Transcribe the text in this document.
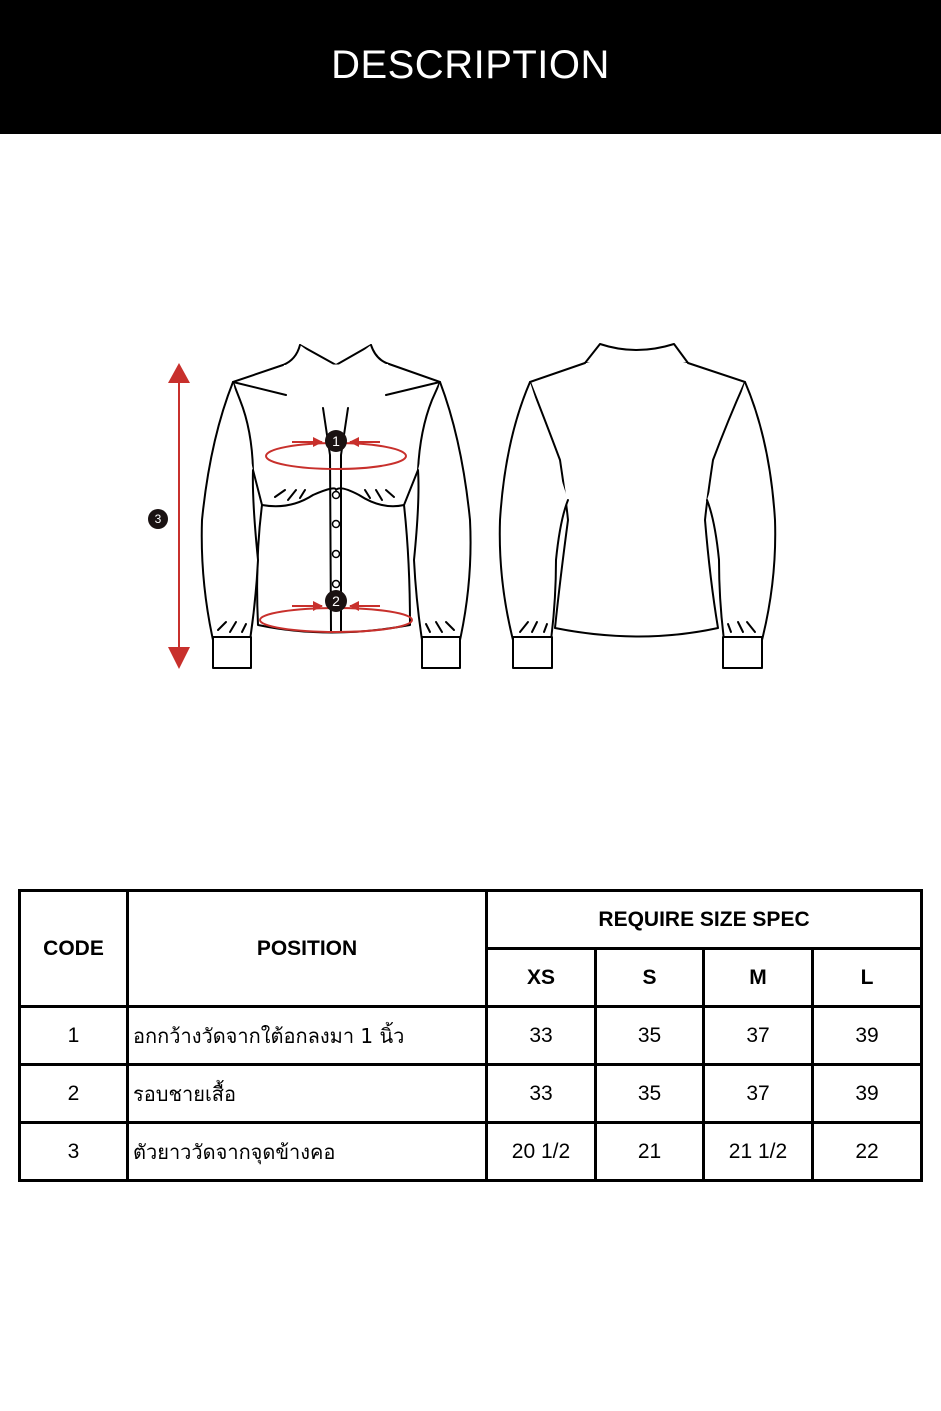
DESCRIPTION
1
2
3
CODE	POSITION	REQUIRE SIZE SPEC			
		XS	S	M	L
1	อกกว้างวัดจากใต้อกลงมา 1 นิ้ว	33	35	37	39
2	รอบชายเสื้อ	33	35	37	39
3	ตัวยาววัดจากจุดข้างคอ	20 1/2	21	21 1/2	22
